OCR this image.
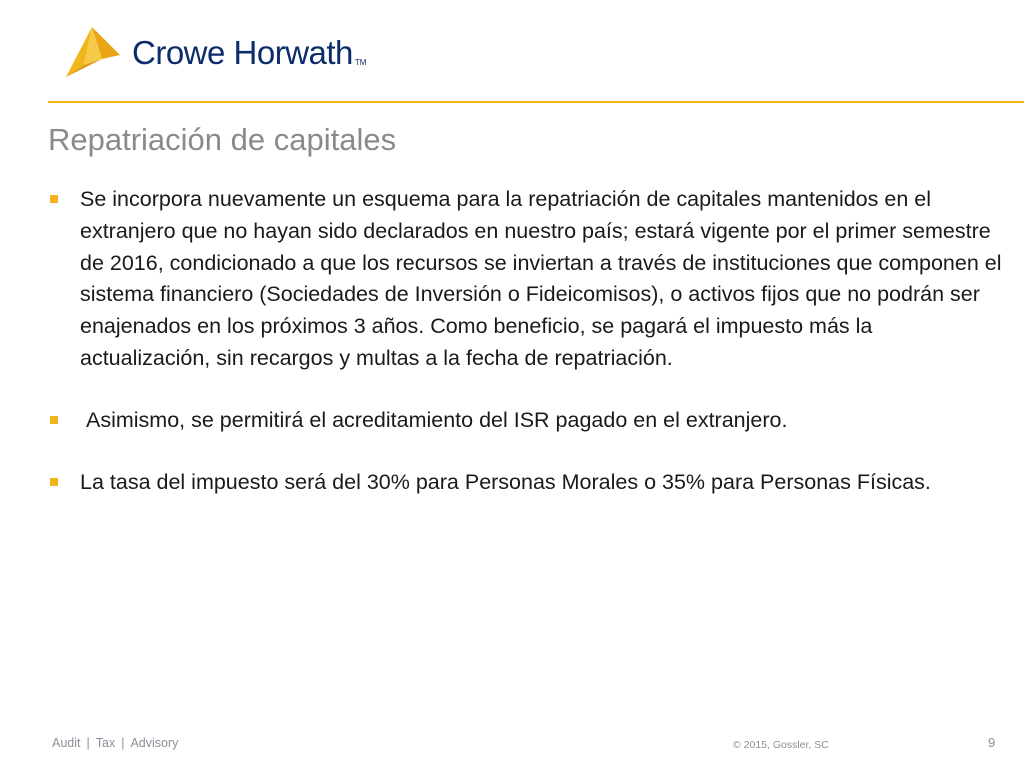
Crowe Horwath TM
Repatriación de capitales
Se incorpora nuevamente un esquema para la repatriación de capitales mantenidos en el extranjero que no hayan sido declarados en nuestro país; estará vigente por el primer semestre de 2016, condicionado a que los recursos se inviertan a través de instituciones que componen el sistema financiero (Sociedades de Inversión o Fideicomisos), o activos fijos que no podrán ser enajenados en los próximos 3 años. Como beneficio, se pagará el impuesto más la actualización, sin recargos y multas a la fecha de repatriación.
Asimismo, se permitirá el acreditamiento del ISR pagado en el extranjero.
La tasa del impuesto será del 30% para Personas Morales o 35% para Personas Físicas.
Audit | Tax | Advisory	© 2015, Gossler, SC	9
